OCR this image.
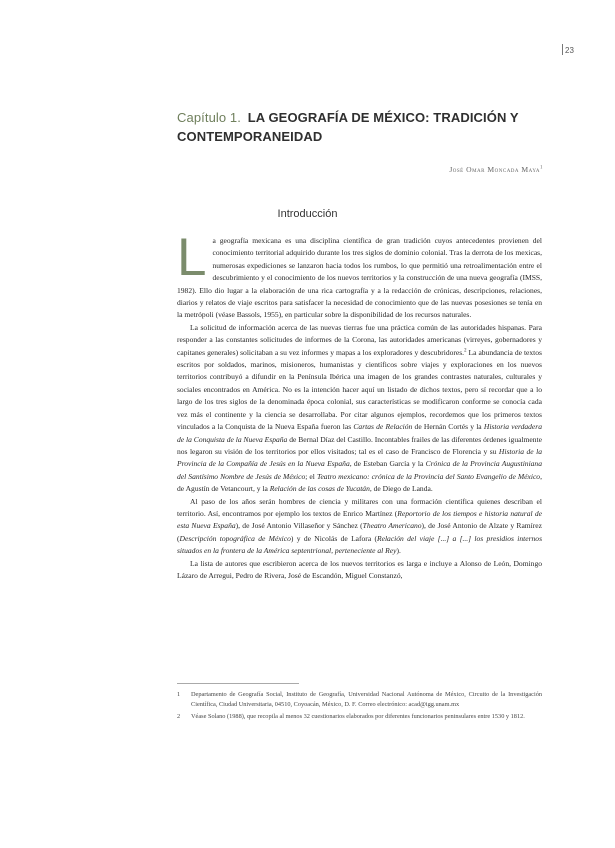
23
Capítulo 1. LA GEOGRAFÍA DE MÉXICO: TRADICIÓN Y CONTEMPORANEIDAD
José Omar Moncada Maya$^1$
Introducción

La geografía mexicana es una disciplina científica de gran tradición cuyos antecedentes provienen del conocimiento territorial adquirido durante los tres siglos de dominio colonial. Tras la derrota de los mexicas, numerosas expediciones se lanzaron hacia todos los rumbos, lo que permitió una retroalimentación entre el descubrimiento y el conocimiento de los nuevos territorios y la construcción de una nueva geografía (IMSS, 1982). Ello dio lugar a la elaboración de una rica cartografía y a la redacción de crónicas, descripciones, relaciones, diarios y relatos de viaje escritos para satisfacer la necesidad de conocimiento que de las nuevas posesiones se tenía en la metrópoli (véase Bassols, 1955), en particular sobre la disponibilidad de los recursos naturales.

La solicitud de información acerca de las nuevas tierras fue una práctica común de las autoridades hispanas. Para responder a las constantes solicitudes de informes de la Corona, las autoridades americanas (virreyes, gobernadores y capitanes generales) solicitaban a su vez informes y mapas a los exploradores y descubridores.$^2$ La abundancia de textos escritos por soldados, marinos, misioneros, humanistas y científicos sobre viajes y exploraciones en los nuevos territorios contribuyó a difundir en la Península Ibérica una imagen de los grandes contrastes naturales, culturales y sociales encontrados en América. No es la intención hacer aquí un listado de dichos textos, pero sí recordar que a lo largo de los tres siglos de la denominada época colonial, sus características se modificaron conforme se conocía cada vez más el continente y la ciencia se desarrollaba. Por citar algunos ejemplos, recordemos que los primeros textos vinculados a la Conquista de la Nueva España fueron las Cartas de Relación de Hernán Cortés y la Historia verdadera de la Conquista de la Nueva España de Bernal Díaz del Castillo. Incontables frailes de las diferentes órdenes igualmente nos legaron su visión de los territorios por ellos visitados; tal es el caso de Francisco de Florencia y su Historia de la Provincia de la Compañía de Jesús en la Nueva España, de Esteban García y la Crónica de la Provincia Augustiniana del Santísimo Nombre de Jesús de México; el Teatro mexicano: crónica de la Provincia del Santo Evangelio de México, de Agustín de Vetancourt, y la Relación de las cosas de Yucatán, de Diego de Landa.

Al paso de los años serán hombres de ciencia y militares con una formación científica quienes describan el territorio. Así, encontramos por ejemplo los textos de Enrico Martínez (Reportorio de los tiempos e historia natural de esta Nueva España), de José Antonio Villaseñor y Sánchez (Theatro Americano), de José Antonio de Alzate y Ramírez (Descripción topográfica de México) y de Nicolás de Lafora (Relación del viaje [...] a [...] los presidios internos situados en la frontera de la América septentrional, perteneciente al Rey).

La lista de autores que escribieron acerca de los nuevos territorios es larga e incluye a Alonso de León, Domingo Lázaro de Arregui, Pedro de Rivera, José de Escandón, Miguel Constanzó,

1 Departamento de Geografía Social, Instituto de Geografía, Universidad Nacional Autónoma de México, Circuito de la Investigación Científica, Ciudad Universitaria, 04510, Coyoacán, México, D. F. Correo electrónico: acad@igg.unam.mx
2 Véase Solano (1988), que recopila al menos 32 cuestionarios elaborados por diferentes funcionarios peninsulares entre 1530 y 1812.
